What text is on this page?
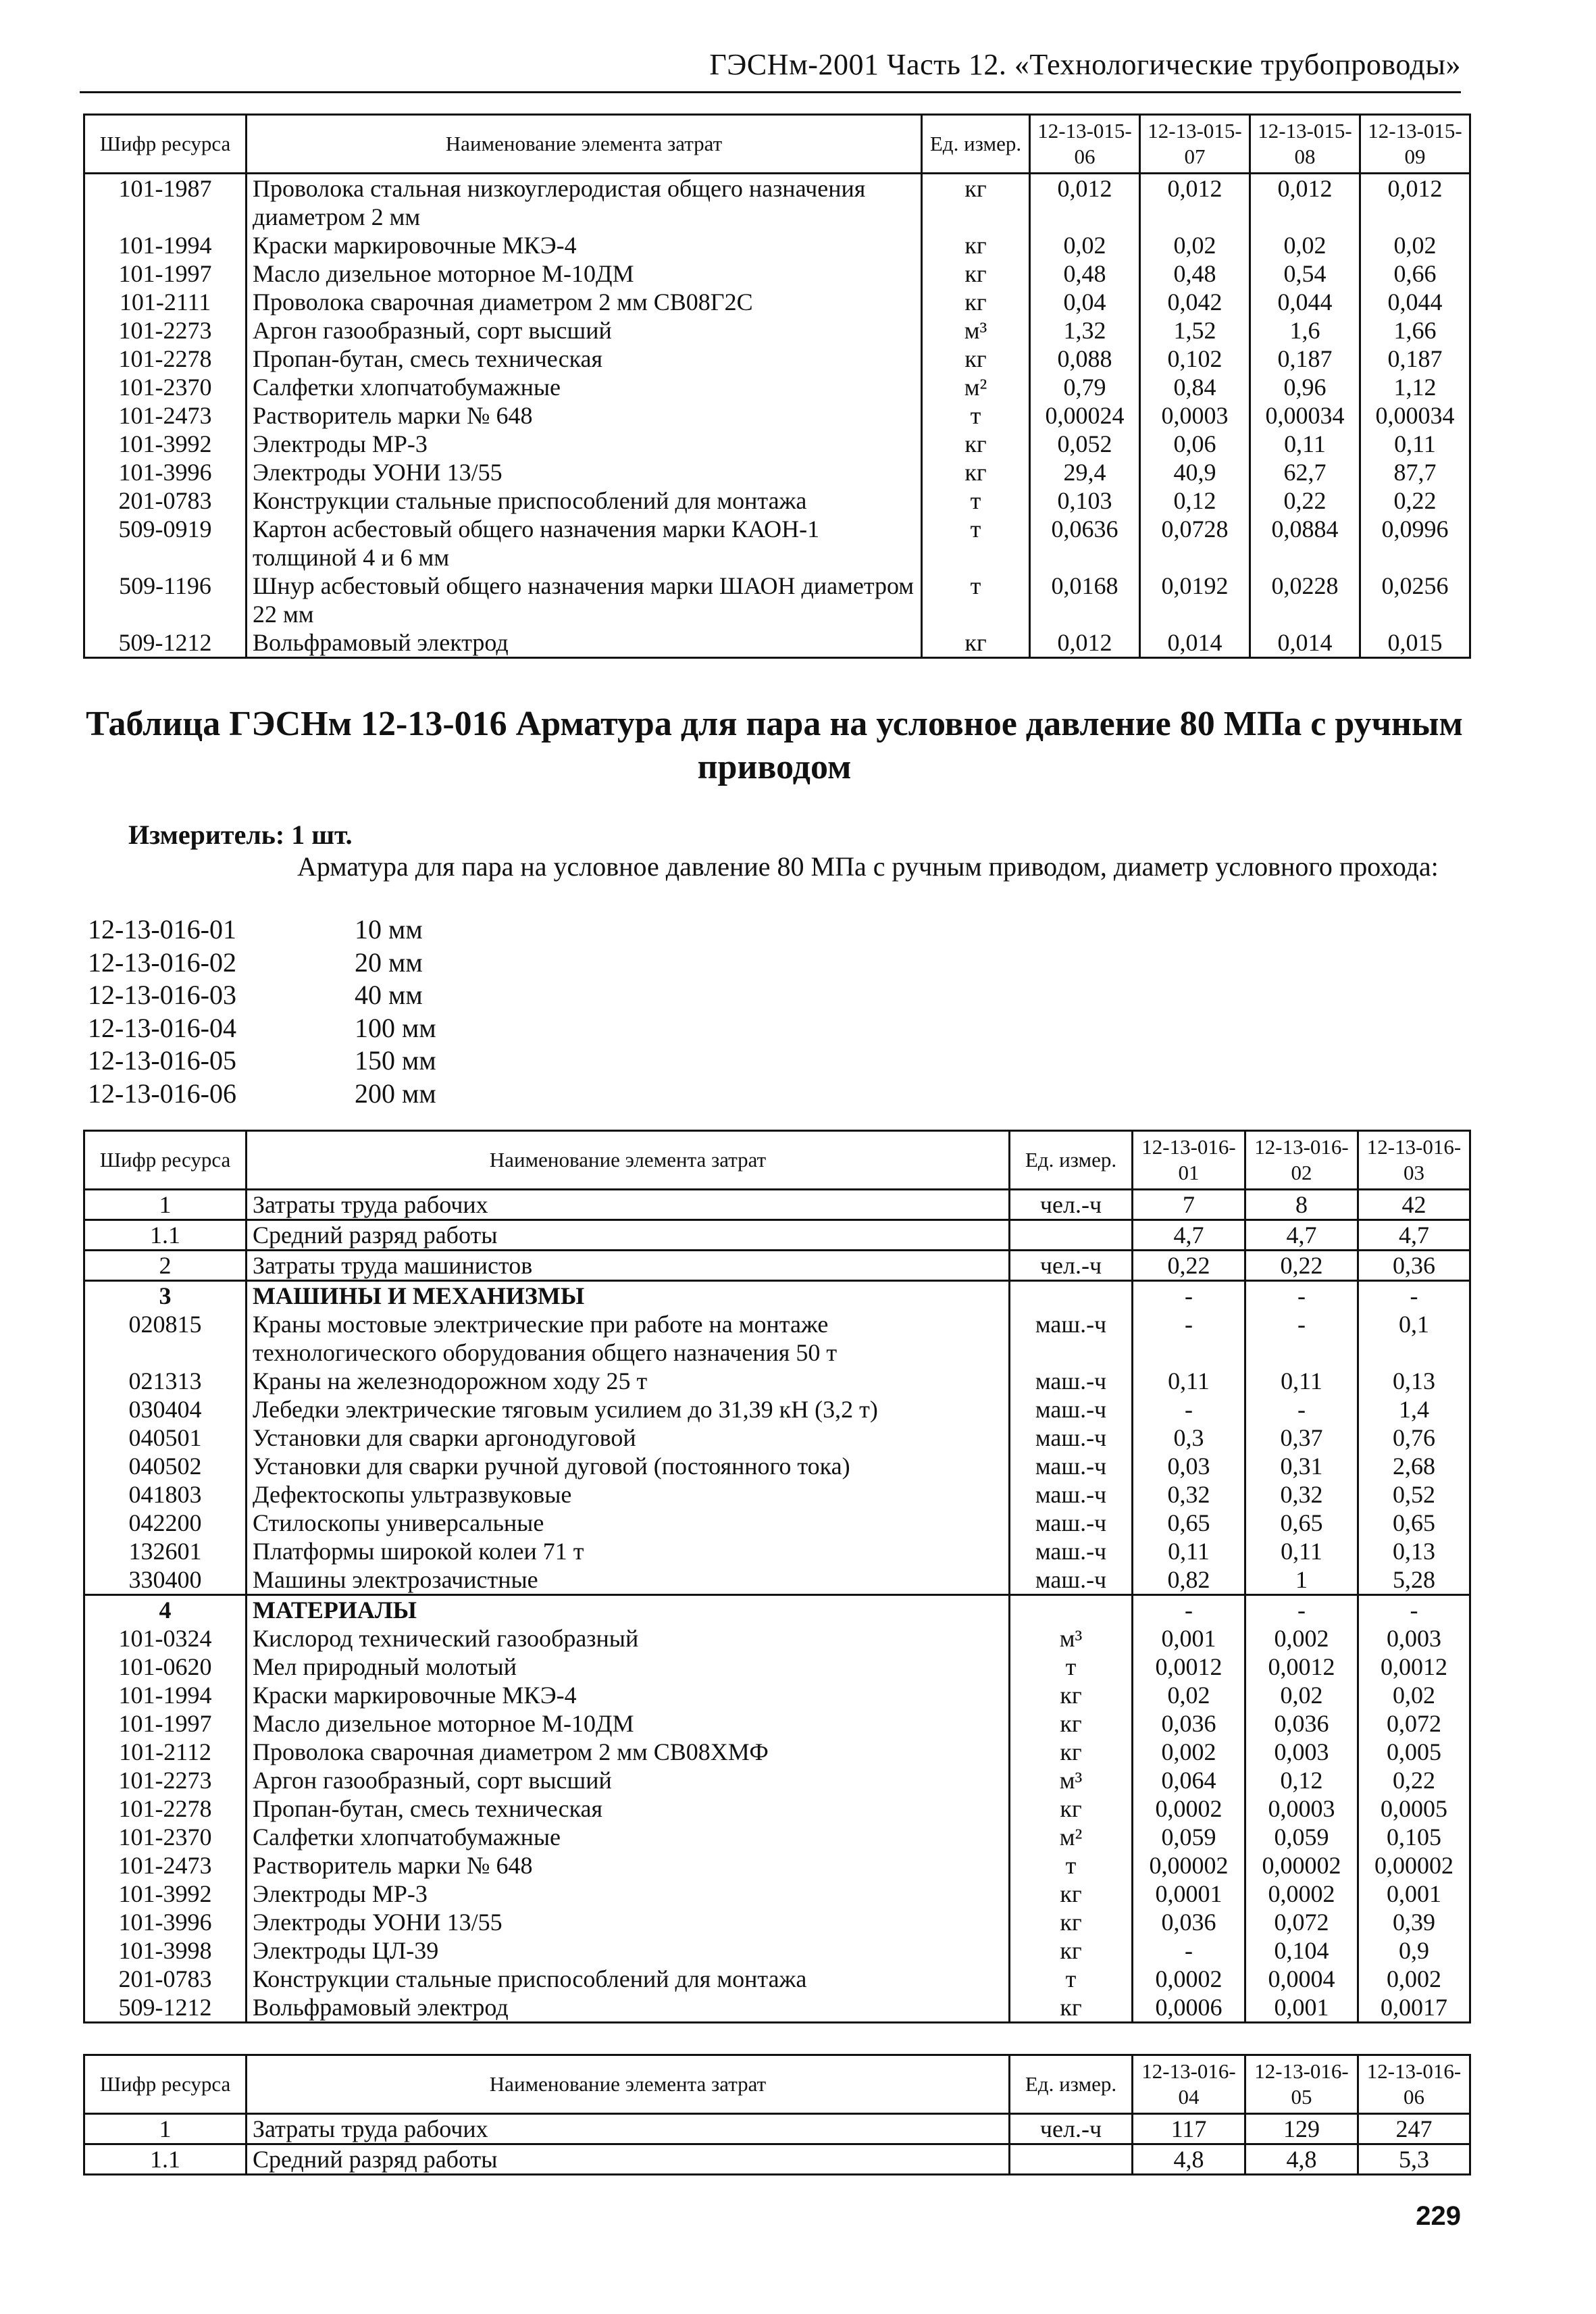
ГЭСНм-2001 Часть 12. «Технологические трубопроводы»
Шифр ресурса	Наименование элемента затрат	Ед. измер.	12-13-015-06	12-13-015-07	12-13-015-08	12-13-015-09
101-1987	Проволока стальная низкоуглеродистая общего назначения диаметром 2 мм	кг	0,012	0,012	0,012	0,012
101-1994	Краски маркировочные МКЭ-4	кг	0,02	0,02	0,02	0,02
101-1997	Масло дизельное моторное М-10ДМ	кг	0,48	0,48	0,54	0,66
101-2111	Проволока сварочная диаметром 2 мм СВ08Г2С	кг	0,04	0,042	0,044	0,044
101-2273	Аргон газообразный, сорт высший	м³	1,32	1,52	1,6	1,66
101-2278	Пропан-бутан, смесь техническая	кг	0,088	0,102	0,187	0,187
101-2370	Салфетки хлопчатобумажные	м²	0,79	0,84	0,96	1,12
101-2473	Растворитель марки № 648	т	0,00024	0,0003	0,00034	0,00034
101-3992	Электроды МР-3	кг	0,052	0,06	0,11	0,11
101-3996	Электроды УОНИ 13/55	кг	29,4	40,9	62,7	87,7
201-0783	Конструкции стальные приспособлений для монтажа	т	0,103	0,12	0,22	0,22
509-0919	Картон асбестовый общего назначения марки КАОН-1 толщиной 4 и 6 мм	т	0,0636	0,0728	0,0884	0,0996
509-1196	Шнур асбестовый общего назначения марки ШАОН диаметром 22 мм	т	0,0168	0,0192	0,0228	0,0256
509-1212	Вольфрамовый электрод	кг	0,012	0,014	0,014	0,015
Таблица ГЭСНм 12-13-016 Арматура для пара на условное давление 80 МПа с ручным приводом
Измеритель: 1 шт.
Арматура для пара на условное давление 80 МПа с ручным приводом, диаметр условного прохода:
12-13-016-01	10 мм
12-13-016-02	20 мм
12-13-016-03	40 мм
12-13-016-04	100 мм
12-13-016-05	150 мм
12-13-016-06	200 мм
Шифр ресурса	Наименование элемента затрат	Ед. измер.	12-13-016-01	12-13-016-02	12-13-016-03
1	Затраты труда рабочих	чел.-ч	7	8	42
1.1	Средний разряд работы		4,7	4,7	4,7
2	Затраты труда машинистов	чел.-ч	0,22	0,22	0,36
3	МАШИНЫ И МЕХАНИЗМЫ		-	-	-
020815	Краны мостовые электрические при работе на монтаже технологического оборудования общего назначения 50 т	маш.-ч	-	-	0,1
021313	Краны на железнодорожном ходу 25 т	маш.-ч	0,11	0,11	0,13
030404	Лебедки электрические тяговым усилием до 31,39 кН (3,2 т)	маш.-ч	-	-	1,4
040501	Установки для сварки аргонодуговой	маш.-ч	0,3	0,37	0,76
040502	Установки для сварки ручной дуговой (постоянного тока)	маш.-ч	0,03	0,31	2,68
041803	Дефектоскопы ультразвуковые	маш.-ч	0,32	0,32	0,52
042200	Стилоскопы универсальные	маш.-ч	0,65	0,65	0,65
132601	Платформы широкой колеи 71 т	маш.-ч	0,11	0,11	0,13
330400	Машины электрозачистные	маш.-ч	0,82	1	5,28
4	МАТЕРИАЛЫ		-	-	-
101-0324	Кислород технический газообразный	м³	0,001	0,002	0,003
101-0620	Мел природный молотый	т	0,0012	0,0012	0,0012
101-1994	Краски маркировочные МКЭ-4	кг	0,02	0,02	0,02
101-1997	Масло дизельное моторное М-10ДМ	кг	0,036	0,036	0,072
101-2112	Проволока сварочная диаметром 2 мм СВ08ХМФ	кг	0,002	0,003	0,005
101-2273	Аргон газообразный, сорт высший	м³	0,064	0,12	0,22
101-2278	Пропан-бутан, смесь техническая	кг	0,0002	0,0003	0,0005
101-2370	Салфетки хлопчатобумажные	м²	0,059	0,059	0,105
101-2473	Растворитель марки № 648	т	0,00002	0,00002	0,00002
101-3992	Электроды МР-3	кг	0,0001	0,0002	0,001
101-3996	Электроды УОНИ 13/55	кг	0,036	0,072	0,39
101-3998	Электроды ЦЛ-39	кг	-	0,104	0,9
201-0783	Конструкции стальные приспособлений для монтажа	т	0,0002	0,0004	0,002
509-1212	Вольфрамовый электрод	кг	0,0006	0,001	0,0017
Шифр ресурса	Наименование элемента затрат	Ед. измер.	12-13-016-04	12-13-016-05	12-13-016-06
1	Затраты труда рабочих	чел.-ч	117	129	247
1.1	Средний разряд работы		4,8	4,8	5,3
229
